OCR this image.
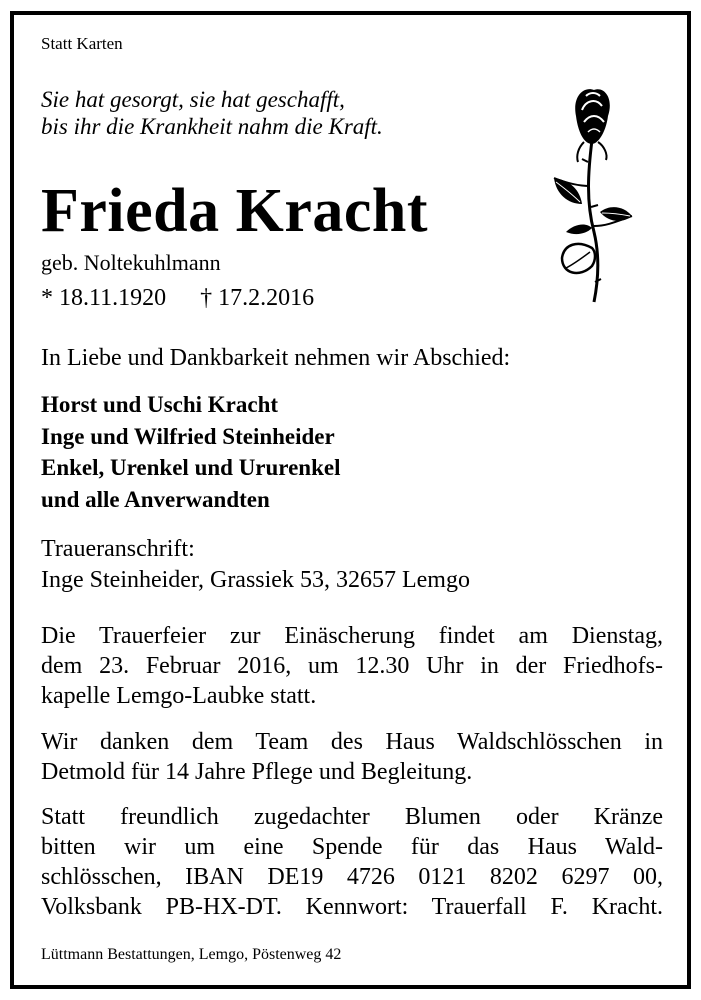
Statt Karten
Sie hat gesorgt, sie hat geschafft,
bis ihr die Krankheit nahm die Kraft.
Frieda Kracht
geb. Noltekuhlmann
* 18.11.1920 † 17.2.2016
In Liebe und Dankbarkeit nehmen wir Abschied:
Horst und Uschi Kracht
Inge und Wilfried Steinheider
Enkel, Urenkel und Ururenkel
und alle Anverwandten
Traueranschrift:
Inge Steinheider, Grassiek 53, 32657 Lemgo
Die Trauerfeier zur Einäscherung findet am Dienstag,
dem 23. Februar 2016, um 12.30 Uhr in der Friedhofs-
kapelle Lemgo-Laubke statt.
Wir danken dem Team des Haus Waldschlösschen in
Detmold für 14 Jahre Pflege und Begleitung.
Statt freundlich zugedachter Blumen oder Kränze
bitten wir um eine Spende für das Haus Wald-
schlösschen, IBAN DE19 4726 0121 8202 6297 00,
Volksbank PB-HX-DT. Kennwort: Trauerfall F. Kracht.
Lüttmann Bestattungen, Lemgo, Pöstenweg 42
